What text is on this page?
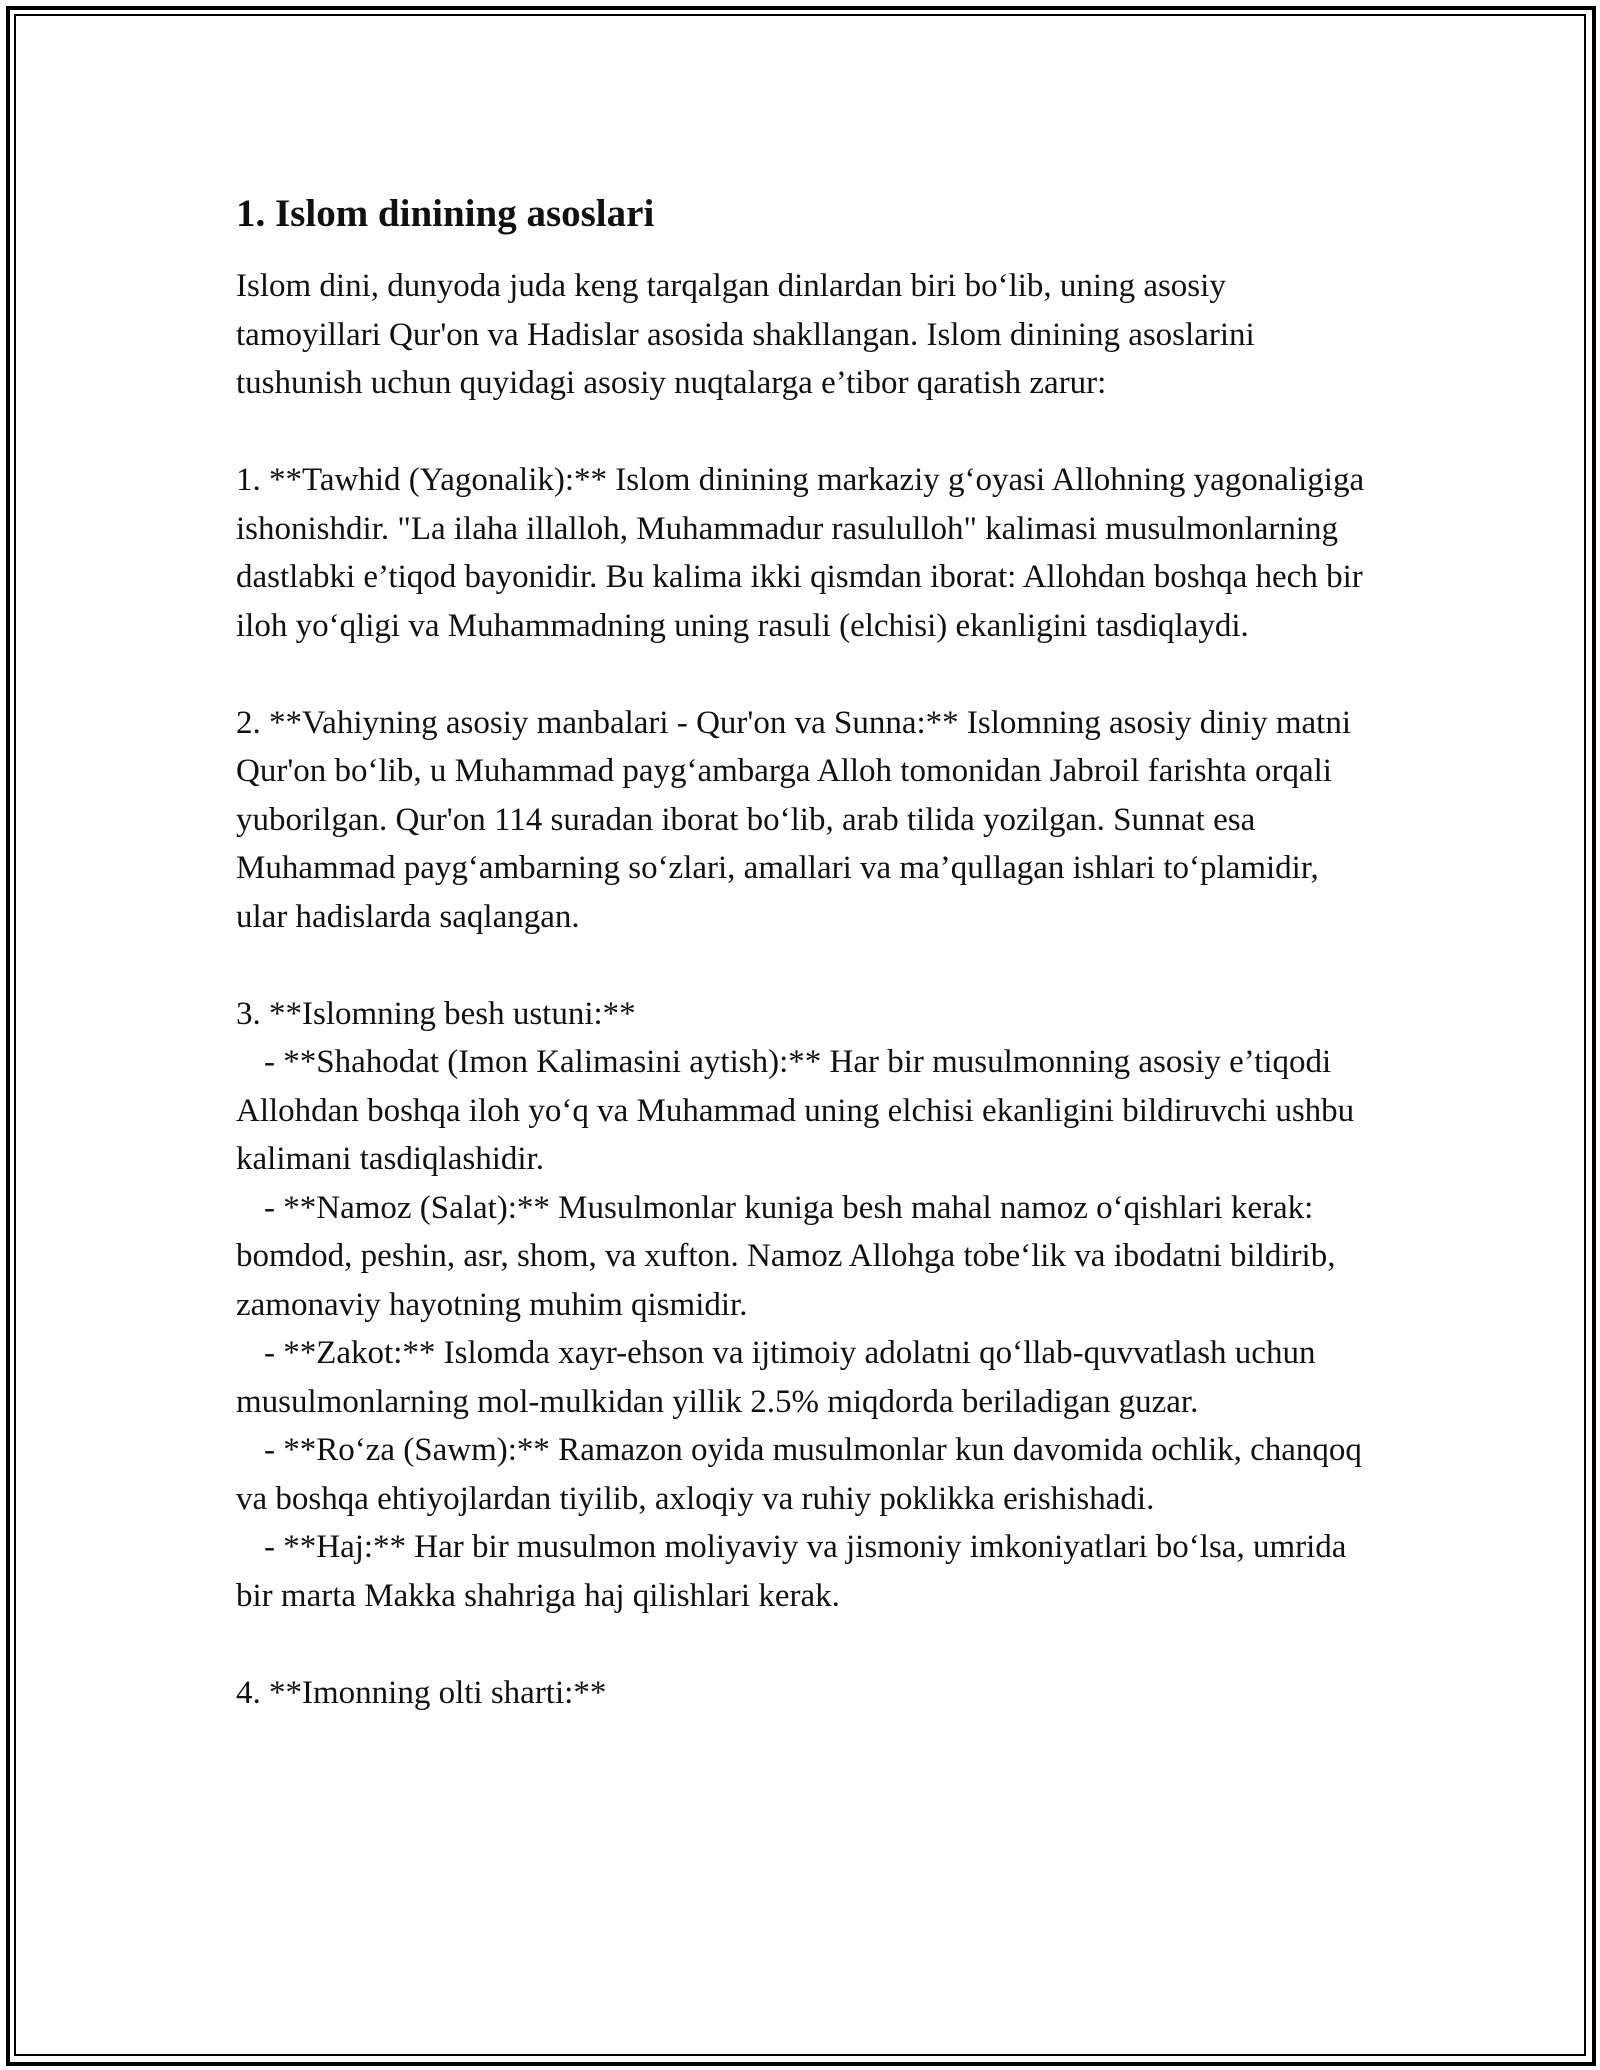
1. Islom dinining asoslari

Islom dini, dunyoda juda keng tarqalgan dinlardan biri bo‘lib, uning asosiy tamoyillari Qur'on va Hadislar asosida shakllangan. Islom dinining asoslarini tushunish uchun quyidagi asosiy nuqtalarga e’tibor qaratish zarur:

1. **Tawhid (Yagonalik):** Islom dinining markaziy g‘oyasi Allohning yagonaligiga ishonishdir. "La ilaha illalloh, Muhammadur rasululloh" kalimasi musulmonlarning dastlabki e’tiqod bayonidir. Bu kalima ikki qismdan iborat: Allohdan boshqa hech bir iloh yo‘qligi va Muhammadning uning rasuli (elchisi) ekanligini tasdiqlaydi.

2. **Vahiyning asosiy manbalari - Qur'on va Sunna:** Islomning asosiy diniy matni Qur'on bo‘lib, u Muhammad payg‘ambarga Alloh tomonidan Jabroil farishta orqali yuborilgan. Qur'on 114 suradan iborat bo‘lib, arab tilida yozilgan. Sunnat esa Muhammad payg‘ambarning so‘zlari, amallari va ma’qullagan ishlari to‘plamidir, ular hadislarda saqlangan.

3. **Islomning besh ustuni:**

- **Shahodat (Imon Kalimasini aytish):** Har bir musulmonning asosiy e’tiqodi Allohdan boshqa iloh yo‘q va Muhammad uning elchisi ekanligini bildiruvchi ushbu kalimani tasdiqlashidir.

- **Namoz (Salat):** Musulmonlar kuniga besh mahal namoz o‘qishlari kerak: bomdod, peshin, asr, shom, va xufton. Namoz Allohga tobe‘lik va ibodatni bildirib, zamonaviy hayotning muhim qismidir.

- **Zakot:** Islomda xayr-ehson va ijtimoiy adolatni qo‘llab-quvvatlash uchun musulmonlarning mol-mulkidan yillik 2.5% miqdorda beriladigan guzar.

- **Ro‘za (Sawm):** Ramazon oyida musulmonlar kun davomida ochlik, chanqoq va boshqa ehtiyojlardan tiyilib, axloqiy va ruhiy poklikka erishishadi.

- **Haj:** Har bir musulmon moliyaviy va jismoniy imkoniyatlari bo‘lsa, umrida bir marta Makka shahriga haj qilishlari kerak.

4. **Imonning olti sharti:**
